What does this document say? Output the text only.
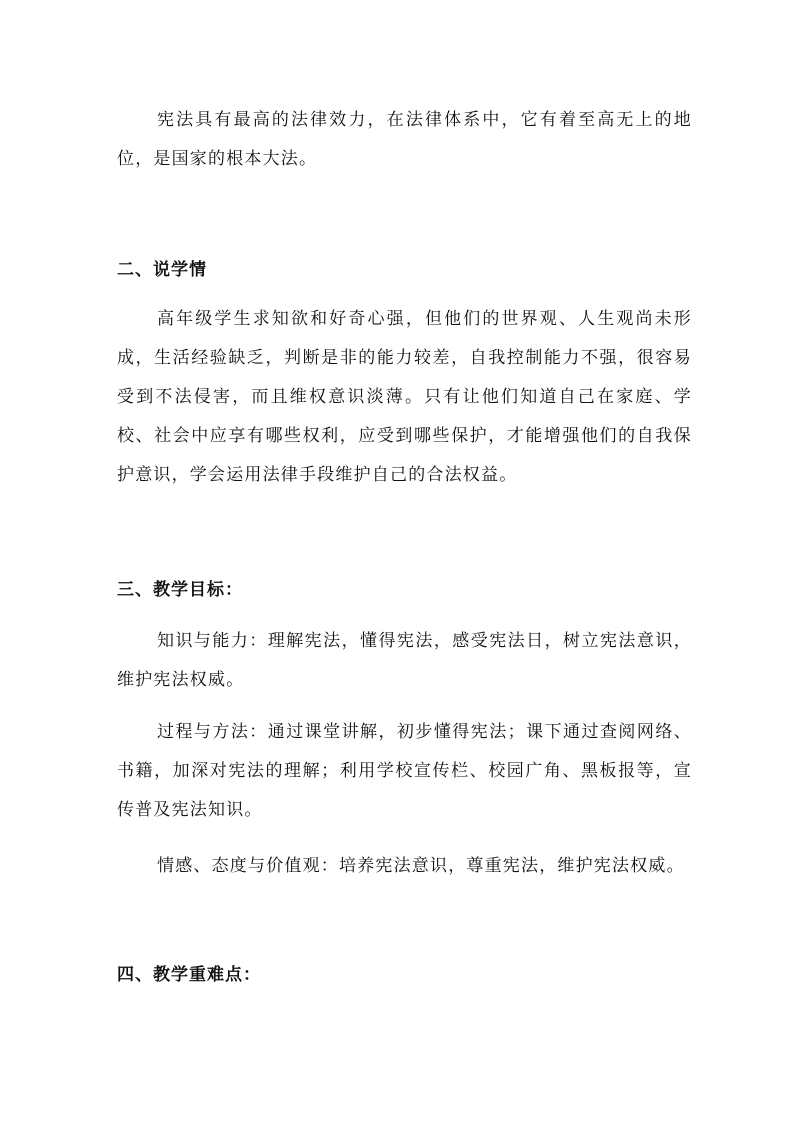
宪法具有最高的法律效力，在法律体系中，它有着至高无上的地位，是国家的根本大法。

二、说学情

高年级学生求知欲和好奇心强，但他们的世界观、人生观尚未形成，生活经验缺乏，判断是非的能力较差，自我控制能力不强，很容易受到不法侵害，而且维权意识淡薄。只有让他们知道自己在家庭、学校、社会中应享有哪些权利，应受到哪些保护，才能增强他们的自我保护意识，学会运用法律手段维护自己的合法权益。

三、教学目标：

知识与能力：理解宪法，懂得宪法，感受宪法日，树立宪法意识，维护宪法权威。

过程与方法：通过课堂讲解，初步懂得宪法；课下通过查阅网络、书籍，加深对宪法的理解；利用学校宣传栏、校园广角、黑板报等，宣传普及宪法知识。

情感、态度与价值观：培养宪法意识，尊重宪法，维护宪法权威。

四、教学重难点：
